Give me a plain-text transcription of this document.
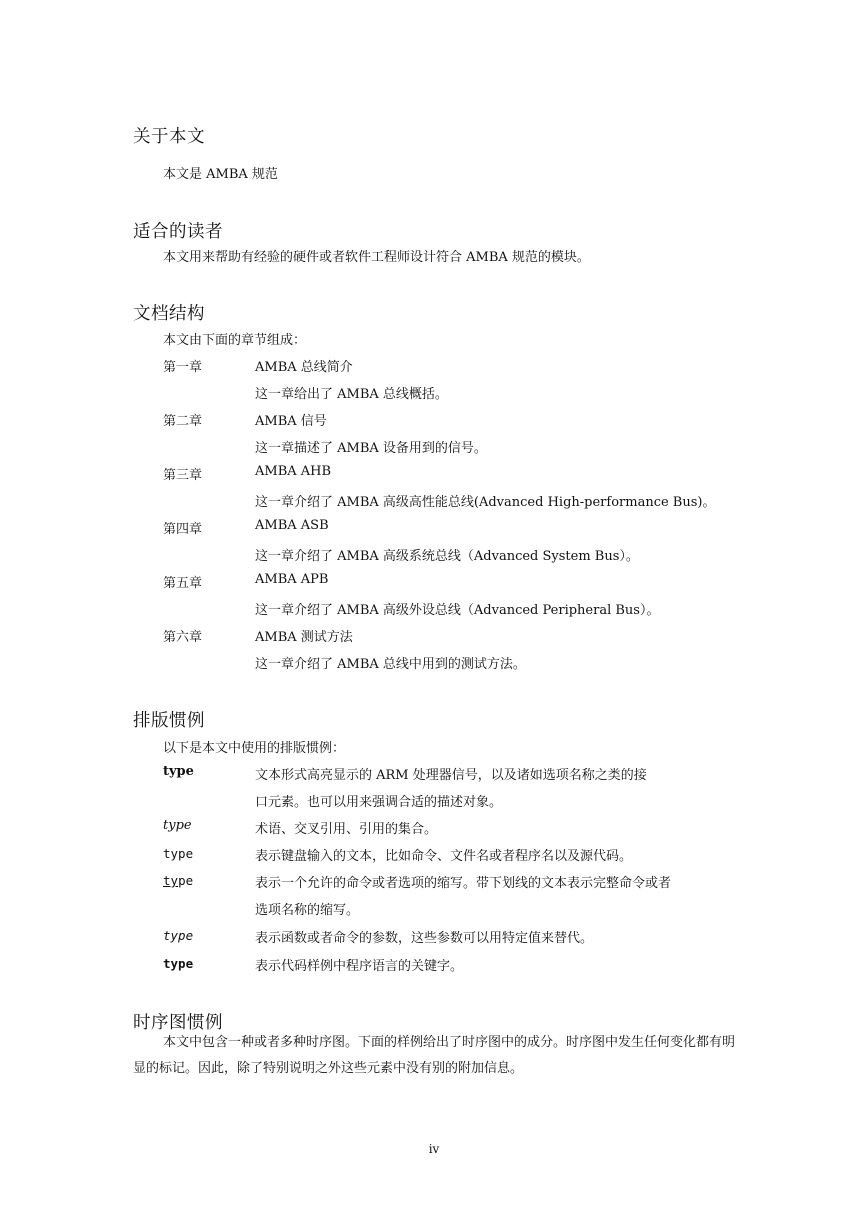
关于本文

本文是 AMBA 规范

适合的读者

本文用来帮助有经验的硬件或者软件工程师设计符合 AMBA 规范的模块。

文档结构

本文由下面的章节组成：

第一章	AMBA 总线简介
这一章给出了 AMBA 总线概括。
第二章	AMBA 信号
这一章描述了 AMBA 设备用到的信号。
第三章	AMBA AHB
这一章介绍了 AMBA 高级高性能总线(Advanced High-performance Bus)。
第四章	AMBA ASB
这一章介绍了 AMBA 高级系统总线（Advanced System Bus）。
第五章	AMBA APB
这一章介绍了 AMBA 高级外设总线（Advanced Peripheral Bus）。
第六章	AMBA 测试方法
这一章介绍了 AMBA 总线中用到的测试方法。
排版惯例

以下是本文中使用的排版惯例：

type	文本形式高亮显示的 ARM 处理器信号，以及诸如选项名称之类的接
口元素。也可以用来强调合适的描述对象。
type	术语、交叉引用、引用的集合。
type	表示键盘输入的文本，比如命令、文件名或者程序名以及源代码。
type	表示一个允许的命令或者选项的缩写。带下划线的文本表示完整命令或者
选项名称的缩写。
type	表示函数或者命令的参数，这些参数可以用特定值来替代。
type	表示代码样例中程序语言的关键字。
时序图惯例

本文中包含一种或者多种时序图。下面的样例给出了时序图中的成分。时序图中发生任何变化都有明显的标记。因此，除了特别说明之外这些元素中没有别的附加信息。

iv
